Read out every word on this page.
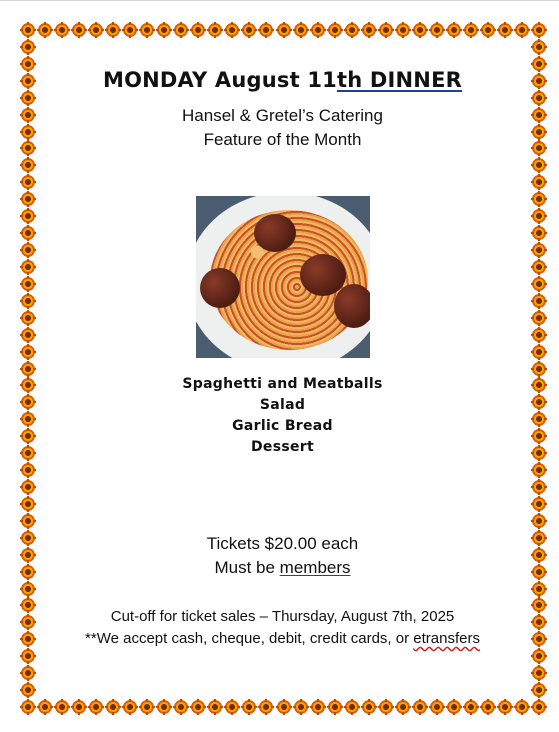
MONDAY August 11th DINNER
Hansel & Gretel’s Catering
Feature of the Month
Spaghetti and Meatballs
Salad
Garlic Bread
Dessert
Tickets $20.00 each
Must be members
Cut-off for ticket sales – Thursday, August 7th, 2025
**We accept cash, cheque, debit, credit cards, or etransfers
